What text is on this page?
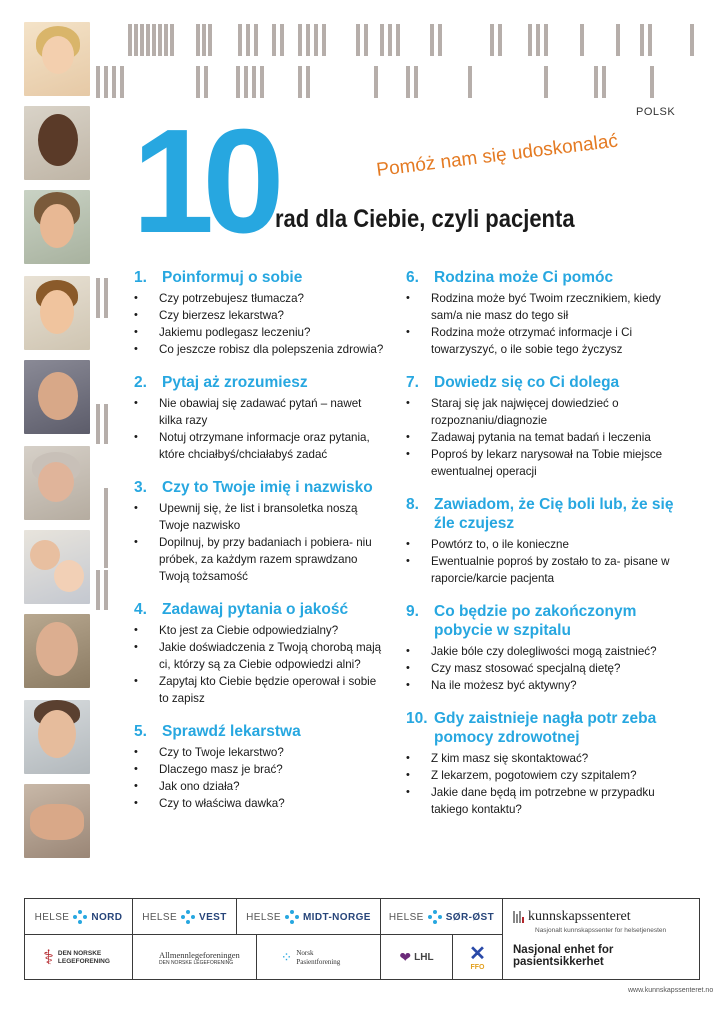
POLSK
10	Pomóż nam się udoskonalać
rad dla Ciebie, czyli pacjenta
1. Poinformuj o sobie
• Czy potrzebujesz tłumacza?
• Czy bierzesz lekarstwa?
• Jakiemu podlegasz leczeniu?
• Co jeszcze robisz dla polepszenia zdrowia?
2. Pytaj aż zrozumiesz
• Nie obawiaj się zadawać pytań – nawet kilka razy
• Notuj otrzymane informacje oraz pytania, które chciałbyś/chciałabyś zadać
3. Czy to Twoje imię i nazwisko
• Upewnij się, że list i bransoletka noszą Twoje nazwisko
• Dopilnuj, by przy badaniach i pobiera- niu próbek, za każdym razem sprawdzano Twoją tożsamość
4. Zadawaj pytania o jakość
• Kto jest za Ciebie odpowiedzialny?
• Jakie doświadczenia z Twoją chorobą mają ci, którzy są za Ciebie odpowiedzi alni?
• Zapytaj kto Ciebie będzie operował i sobie to zapisz
5. Sprawdź lekarstwa
• Czy to Twoje lekarstwo?
• Dlaczego masz je brać?
• Jak ono działa?
• Czy to właściwa dawka?
6. Rodzina może Ci pomóc
• Rodzina może być Twoim rzecznikiem, kiedy sam/a nie masz do tego sił
• Rodzina może otrzymać informacje i Ci towarzyszyć, o ile sobie tego życzysz
7. Dowiedz się co Ci dolega
• Staraj się jak najwięcej dowiedzieć o rozpoznaniu/diagnozie
• Zadawaj pytania na temat badań i leczenia
• Poproś by lekarz narysował na Tobie miejsce ewentualnej operacji
8. Zawiadom, że Cię boli lub, że się źle czujesz
• Powtórz to, o ile konieczne
• Ewentualnie poproś by zostało to za- pisane w raporcie/karcie pacjenta
9. Co będzie po zakończonym pobycie w szpitalu
• Jakie bóle czy dolegliwości mogą zaistnieć?
• Czy masz stosować specjalną dietę?
• Na ile możesz być aktywny?
10. Gdy zaistnieje nagła potr zeba pomocy zdrowotnej
• Z kim masz się skontaktować?
• Z lekarzem, pogotowiem czy szpitalem?
• Jakie dane będą im potrzebne w przypadku takiego kontaktu?
HELSE NORD HELSE VEST HELSE MIDT-NORGE HELSE SØR-ØST
⚕ DEN NORSKE LEGEFORENING
Allmennlegeforeningen
DEN NORSKE LEGEFORENING	⁘ Norsk Pasientforening	❤ LHL ✕
FFO
kunnskapssenteret
Nasjonalt kunnskapssenter for helsetjenesten
Nasjonal enhet for pasientsikkerhet
www.kunnskapssenteret.no
